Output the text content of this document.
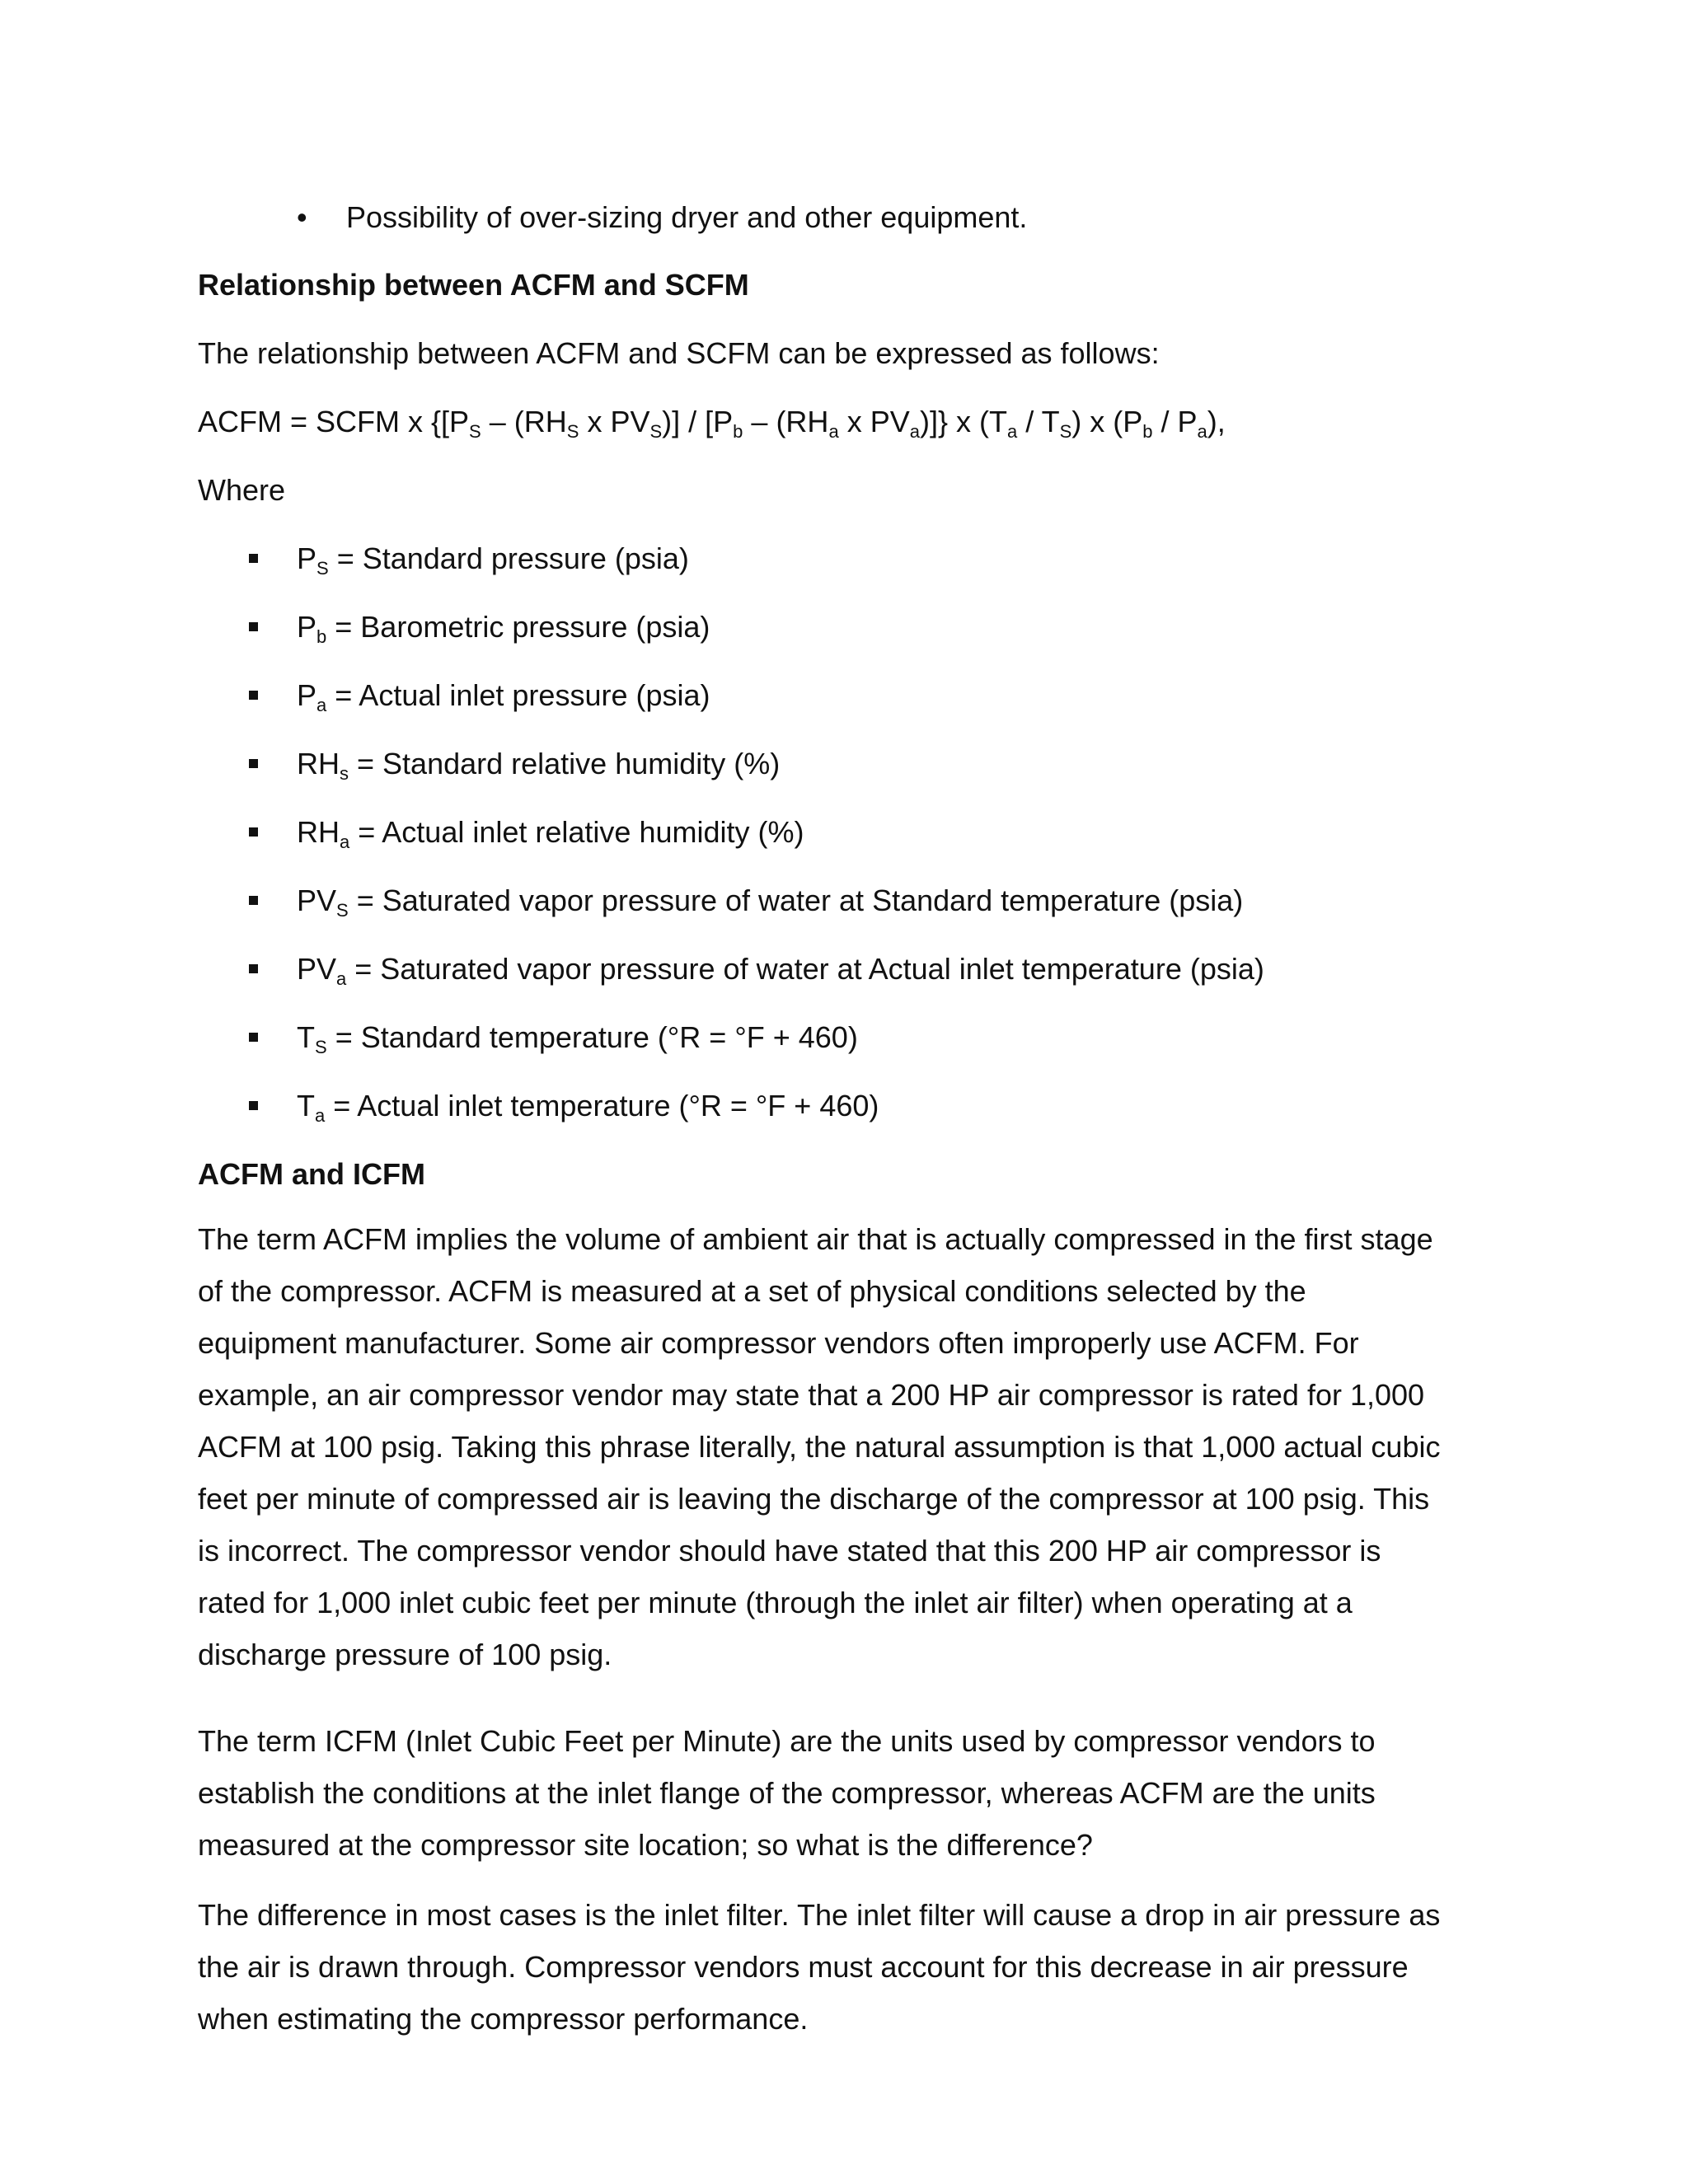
• Possibility of over-sizing dryer and other equipment.
Relationship between ACFM and SCFM
The relationship between ACFM and SCFM can be expressed as follows:
ACFM = SCFM x {[$P_S - (RH_S$ x $PV_S)] / [P_b - (RH_a$ x $PV_a$)]} x $(T_a / T_S)$ x $(P_b / P_a)$,
Where
$P_S$ = Standard pressure (psia)
$P_b$ = Barometric pressure (psia)
$P_a$ = Actual inlet pressure (psia)
$RH_s$ = Standard relative humidity (%)
$RH_a$ = Actual inlet relative humidity (%)
$PV_S$ = Saturated vapor pressure of water at Standard temperature (psia)
$PV_a$ = Saturated vapor pressure of water at Actual inlet temperature (psia)
$T_S$ = Standard temperature (°R = °F + 460)
$T_a$ = Actual inlet temperature (°R = °F + 460)
ACFM and ICFM
The term ACFM implies the volume of ambient air that is actually compressed in the first stage
of the compressor. ACFM is measured at a set of physical conditions selected by the
equipment manufacturer. Some air compressor vendors often improperly use ACFM. For
example, an air compressor vendor may state that a 200 HP air compressor is rated for 1,000
ACFM at 100 psig. Taking this phrase literally, the natural assumption is that 1,000 actual cubic
feet per minute of compressed air is leaving the discharge of the compressor at 100 psig. This
is incorrect. The compressor vendor should have stated that this 200 HP air compressor is
rated for 1,000 inlet cubic feet per minute (through the inlet air filter) when operating at a
discharge pressure of 100 psig.
The term ICFM (Inlet Cubic Feet per Minute) are the units used by compressor vendors to
establish the conditions at the inlet flange of the compressor, whereas ACFM are the units
measured at the compressor site location; so what is the difference?
The difference in most cases is the inlet filter. The inlet filter will cause a drop in air pressure as
the air is drawn through. Compressor vendors must account for this decrease in air pressure
when estimating the compressor performance.
